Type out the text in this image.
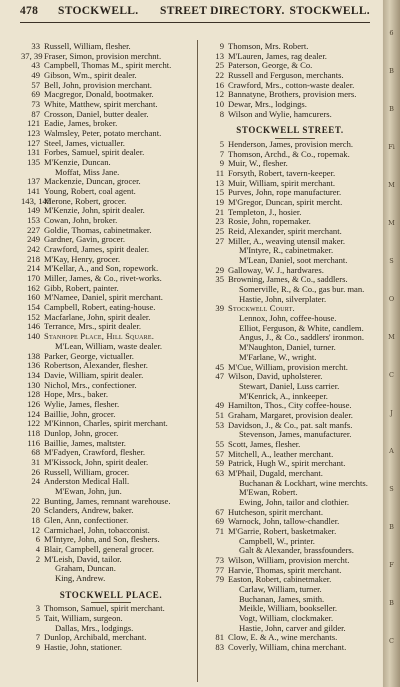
478 STOCKWELL. STREET DIRECTORY. STOCKWELL.
33 Russell, William, flesher.
37, 39 Fraser, Simon, provision merchnt.
43 Campbell, Thomas M., spirit mercht.
49 Gibson, Wm., spirit dealer.
57 Bell, John, provision merchant.
69 Macgregor, Donald, bootmaker.
73 White, Matthew, spirit merchant.
87 Crosson, Daniel, butter dealer.
121 Eadie, James, broker.
123 Walmsley, Peter, potato merchant.
127 Steel, James, victualler.
131 Forbes, Samuel, spirit dealer.
135 M'Kenzie, Duncan.
Moffat, Miss Jane.
137 Mackenzie, Duncan, grocer.
141 Young, Robert, coal agent.
143, 145
Merone, Robert, grocer.
149 M'Kenzie, John, spirit dealer.
153 Cowan, John, broker.
227 Goldie, Thomas, cabinetmaker.
249 Gardner, Gavin, grocer.
242 Crawford, James, spirit dealer.
218 M'Kay, Henry, grocer.
214 M'Kellar, A., and Son, ropework.
170 Miller, James, & Co., rivet-works.
162 Gibb, Robert, painter.
160 M'Namee, Daniel, spirit merchant.
154 Campbell, Robert, eating-house.
152 Macfarlane, John, spirit dealer.
146 Terrance, Mrs., spirit dealer.
140 Stanhope Place, Hill Square.
M'Lean, William, waste dealer.
138 Parker, George, victualler.
136 Robertson, Alexander, flesher.
134 Davie, William, spirit dealer.
130 Nichol, Mrs., confectioner.
128 Hope, Mrs., baker.
126 Wylie, James, flesher.
124 Baillie, John, grocer.
122 M'Kinnon, Charles, spirit merchant.
118 Dunlop, John, grocer.
116 Baillie, James, maltster.
68 M'Fadyen, Crawford, flesher.
31 M'Kissock, John, spirit dealer.
26 Russell, William, grocer.
24 Anderston Medical Hall.
M'Ewan, John, jun.
22 Bunting, James, remnant warehouse.
20 Sclanders, Andrew, baker.
18 Glen, Ann, confectioner.
12 Carmichael, John, tobacconist.
6 M'Intyre, John, and Son, fleshers.
4 Blair, Campbell, general grocer.
2 M'Leish, David, tailor.
Graham, Duncan.
King, Andrew.
STOCKWELL PLACE.
3 Thomson, Samuel, spirit merchant.
5 Tait, William, surgeon.
Dallas, Mrs., lodgings.
7 Dunlop, Archibald, merchant.
9 Hastie, John, stationer.
9 Thomson, Mrs. Robert.
13 M'Lauren, James, rag dealer.
25 Paterson, George, & Co.
22 Russell and Ferguson, merchants.
16 Crawford, Mrs., cotton-waste dealer.
12 Bannatyne, Brothers, provision mers.
10 Dewar, Mrs., lodgings.
8 Wilson and Wylie, hamcurers.
STOCKWELL STREET.
5 Henderson, James, provision merch.
7 Thomson, Archd., & Co., ropemak.
9 Muir, W., flesher.
11 Forsyth, Robert, tavern-keeper.
13 Muir, William, spirit merchant.
15 Purves, John, rope manufacturer.
19 M'Gregor, Duncan, spirit mercht.
21 Templeton, J., hosier.
23 Rosie, John, ropemaker.
25 Reid, Alexander, spirit merchant.
27 Miller, A., weaving utensil maker.
M'Intyre, R., cabinetmaker.
M'Lean, Daniel, soot merchant.
29 Galloway, W. J., hardwares.
35 Browning, James, & Co., saddlers.
Somerville, R., & Co., gas bur. man.
Hastie, John, silverplater.
39 Stockwell Court.
Lennox, John, coffee-house.
Elliot, Ferguson, & White, candlem.
Angus, J., & Co., saddlers' ironmon.
M'Naughton, Daniel, turner.
M'Farlane, W., wright.
45 M'Cue, William, provision mercht.
47 Wilson, David, upholsterer.
Stewart, Daniel, Luss carrier.
M'Kenrick, A., innkeeper.
49 Hamilton, Thos., City coffee-house.
51 Graham, Margaret, provision dealer.
53 Davidson, J., & Co., pat. salt manfs.
Stevenson, James, manufacturer.
55 Scott, James, flesher.
57 Mitchell, A., leather merchant.
59 Patrick, Hugh W., spirit merchant.
63 M'Phail, Dugald, merchant.
Buchanan & Lockhart, wine merchts.
M'Ewan, Robert.
Ewing, John, tailor and clothier.
67 Hutcheson, spirit merchant.
69 Warnock, John, tallow-chandler.
71 M'Garrie, Robert, basketmaker.
Campbell, W., printer.
Galt & Alexander, brassfounders.
73 Wilson, William, provision mercht.
77 Harvie, Thomas, spirit merchant.
79 Easton, Robert, cabinetmaker.
Carlaw, William, turner.
Buchanan, James, smith.
Meikle, William, bookseller.
Vogt, William, clockmaker.
Hastie, John, carver and gilder.
81 Clow, E. & A., wine merchants.
83 Coverly, William, china merchant.
6
B
B
Fi
M
M
S
O
M
C
J
A
S
B
F
B
C
